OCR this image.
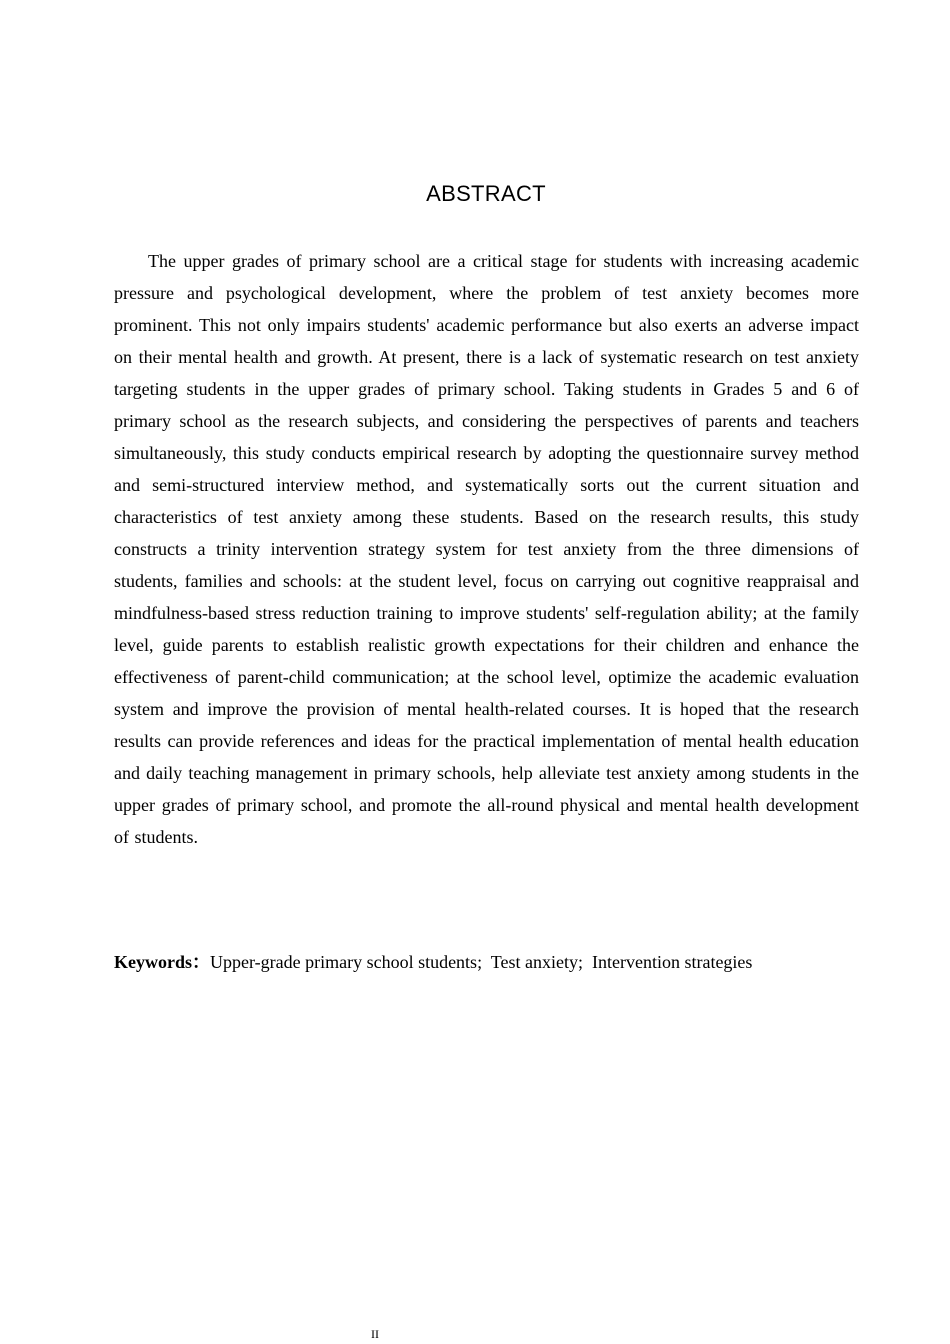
ABSTRACT

The upper grades of primary school are a critical stage for students with increasing academic pressure and psychological development, where the problem of test anxiety becomes more prominent. This not only impairs students' academic performance but also exerts an adverse impact on their mental health and growth. At present, there is a lack of systematic research on test anxiety targeting students in the upper grades of primary school. Taking students in Grades 5 and 6 of primary school as the research subjects, and considering the perspectives of parents and teachers simultaneously, this study conducts empirical research by adopting the questionnaire survey method and semi-structured interview method, and systematically sorts out the current situation and characteristics of test anxiety among these students. Based on the research results, this study constructs a trinity intervention strategy system for test anxiety from the three dimensions of students, families and schools: at the student level, focus on carrying out cognitive reappraisal and mindfulness-based stress reduction training to improve students' self-regulation ability; at the family level, guide parents to establish realistic growth expectations for their children and enhance the effectiveness of parent-child communication; at the school level, optimize the academic evaluation system and improve the provision of mental health-related courses. It is hoped that the research results can provide references and ideas for the practical implementation of mental health education and daily teaching management in primary schools, help alleviate test anxiety among students in the upper grades of primary school, and promote the all-round physical and mental health development of students.

Keywords：Upper-grade primary school students; Test anxiety; Intervention strategies
II
